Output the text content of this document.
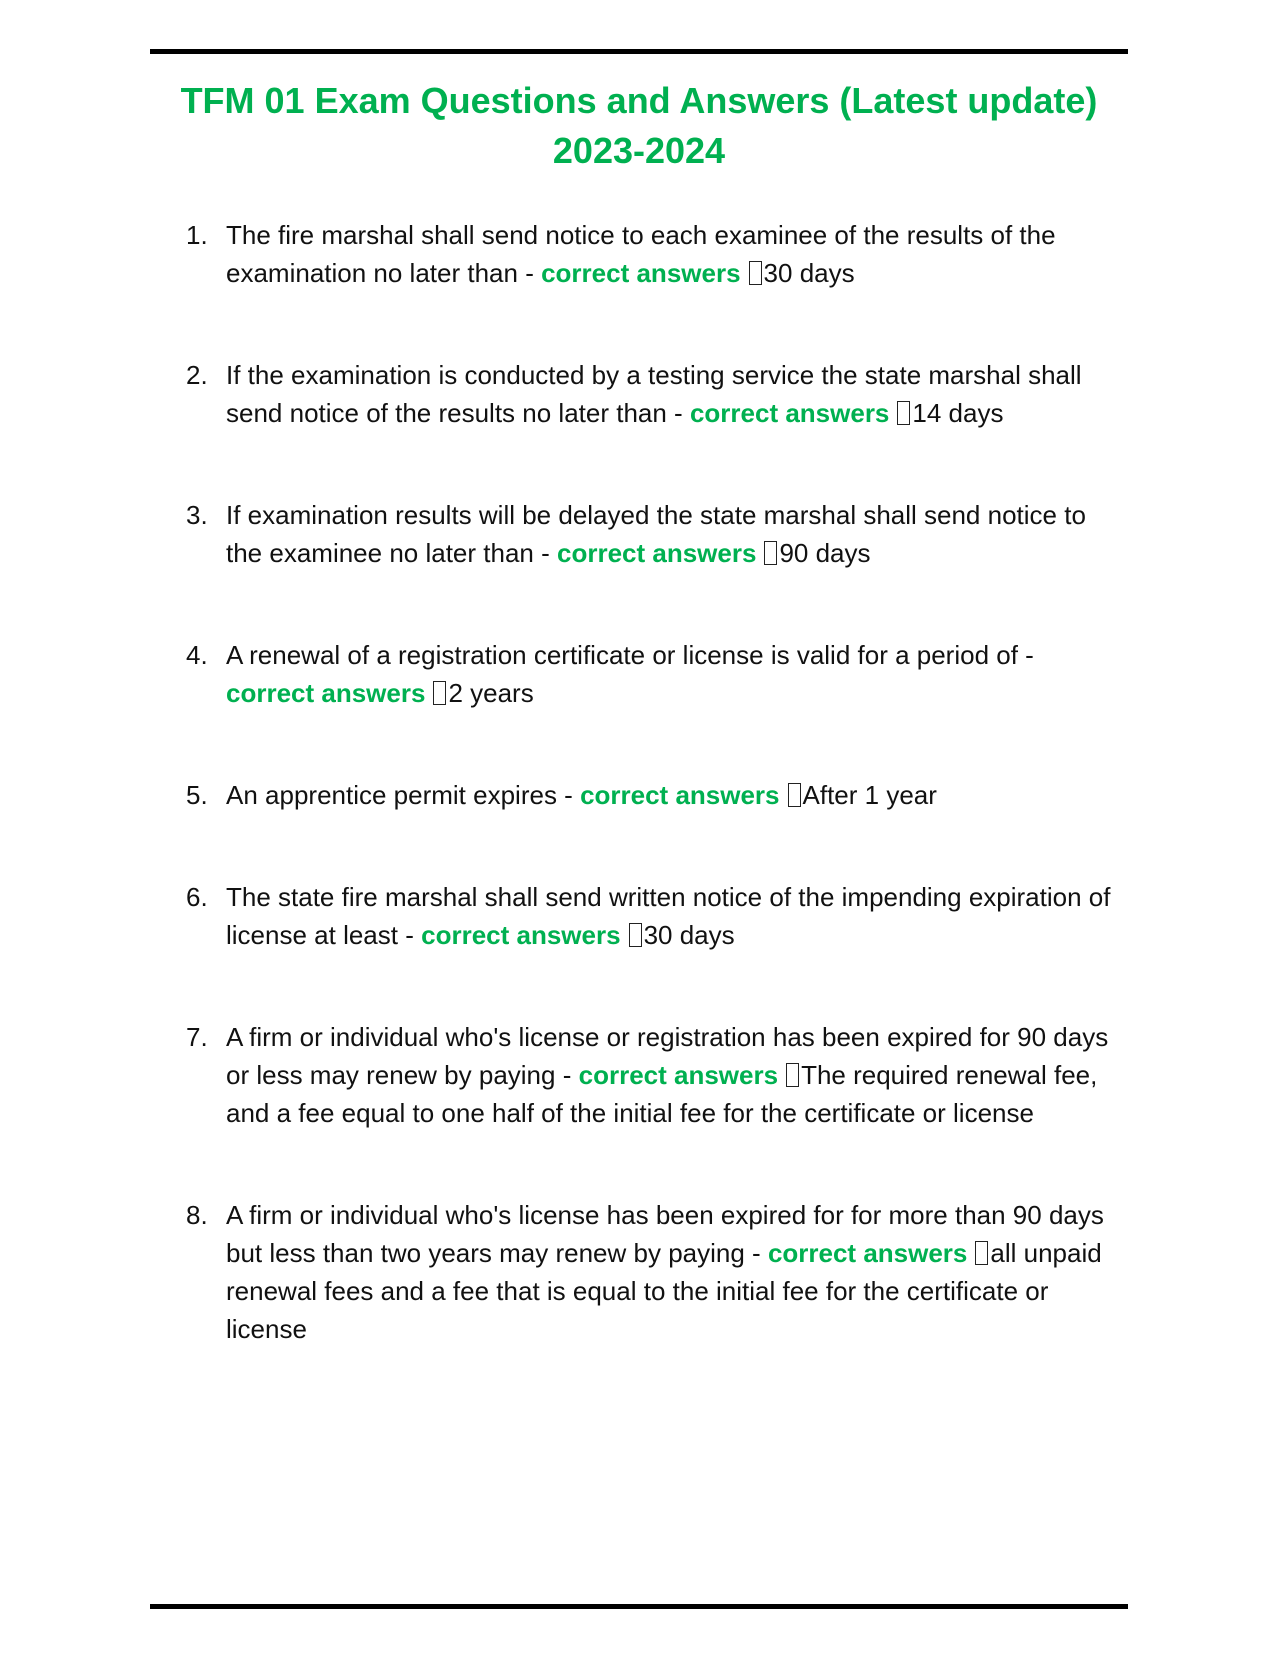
TFM 01 Exam Questions and Answers (Latest update) 2023-2024
1. The fire marshal shall send notice to each examinee of the results of the examination no later than - correct answers 30 days
2. If the examination is conducted by a testing service the state marshal shall send notice of the results no later than - correct answers 14 days
3. If examination results will be delayed the state marshal shall send notice to the examinee no later than - correct answers 90 days
4. A renewal of a registration certificate or license is valid for a period of - correct answers 2 years
5. An apprentice permit expires - correct answers After 1 year
6. The state fire marshal shall send written notice of the impending expiration of license at least - correct answers 30 days
7. A firm or individual who's license or registration has been expired for 90 days or less may renew by paying - correct answers The required renewal fee, and a fee equal to one half of the initial fee for the certificate or license
8. A firm or individual who's license has been expired for for more than 90 days but less than two years may renew by paying - correct answers all unpaid renewal fees and a fee that is equal to the initial fee for the certificate or license
